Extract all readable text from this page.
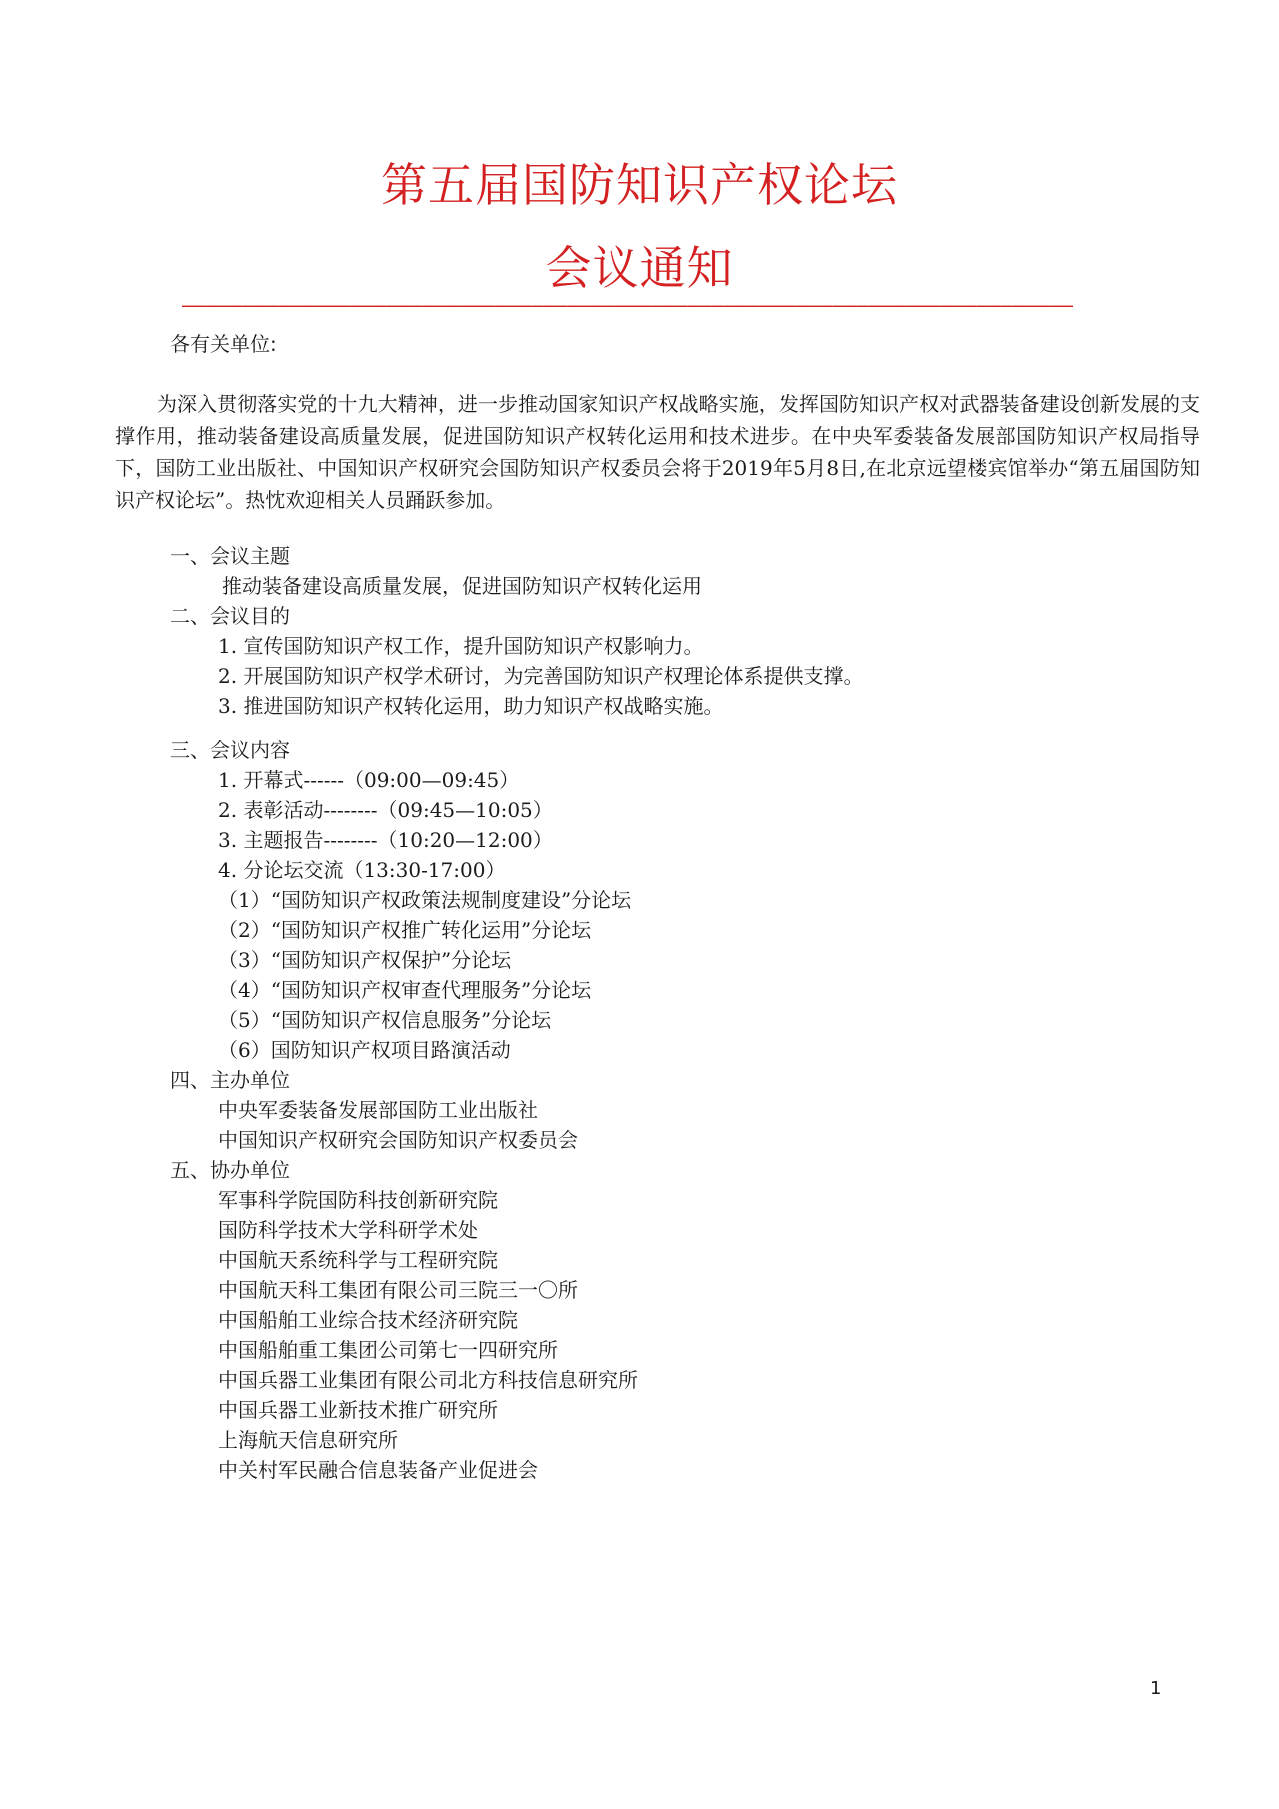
第五届国防知识产权论坛
会议通知
——————————————————————————————————————————————————————————————————————————
各有关单位:
为深入贯彻落实党的十九大精神，进一步推动国家知识产权战略实施，发挥国防知识产权对武器装备建设创新发展的支撑作用，推动装备建设高质量发展，促进国防知识产权转化运用和技术进步。在中央军委装备发展部国防知识产权局指导下，国防工业出版社、中国知识产权研究会国防知识产权委员会将于2019年5月8日,在北京远望楼宾馆举办“第五届国防知识产权论坛”。热忱欢迎相关人员踊跃参加。
一、会议主题
推动装备建设高质量发展，促进国防知识产权转化运用
二、会议目的
1. 宣传国防知识产权工作，提升国防知识产权影响力。
2. 开展国防知识产权学术研讨，为完善国防知识产权理论体系提供支撑。
3. 推进国防知识产权转化运用，助力知识产权战略实施。
三、会议内容
1. 开幕式------（09:00—09:45）
2. 表彰活动--------（09:45—10:05）
3. 主题报告--------（10:20—12:00）
4. 分论坛交流（13:30-17:00）
（1）“国防知识产权政策法规制度建设”分论坛
（2）“国防知识产权推广转化运用”分论坛
（3）“国防知识产权保护”分论坛
（4）“国防知识产权审查代理服务”分论坛
（5）“国防知识产权信息服务”分论坛
（6）国防知识产权项目路演活动
四、主办单位
中央军委装备发展部国防工业出版社
中国知识产权研究会国防知识产权委员会
五、协办单位
军事科学院国防科技创新研究院
国防科学技术大学科研学术处
中国航天系统科学与工程研究院
中国航天科工集团有限公司三院三一〇所
中国船舶工业综合技术经济研究院
中国船舶重工集团公司第七一四研究所
中国兵器工业集团有限公司北方科技信息研究所
中国兵器工业新技术推广研究所
上海航天信息研究所
中关村军民融合信息装备产业促进会
1
